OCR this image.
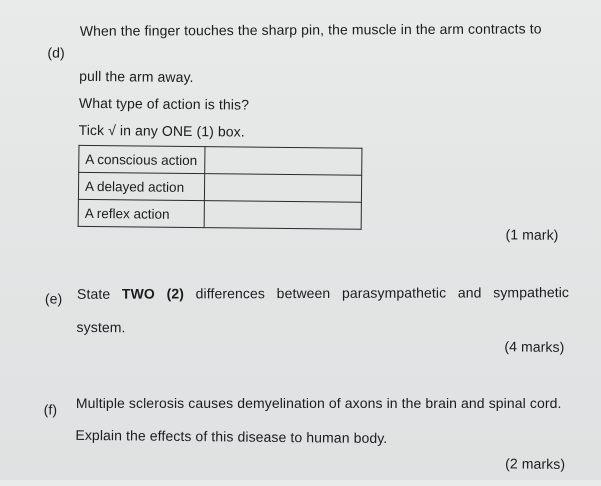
(d)
When the finger touches the sharp pin, the muscle in the arm contracts to
pull the arm away.
What type of action is this?
Tick √ in any ONE (1) box.
A conscious action	
A delayed action	
A reflex action	
(1 mark)
(e) State TWO (2) differences between parasympathetic and sympathetic
system.
(4 marks)
(f) Multiple sclerosis causes demyelination of axons in the brain and spinal cord.
Explain the effects of this disease to human body.
(2 marks)
